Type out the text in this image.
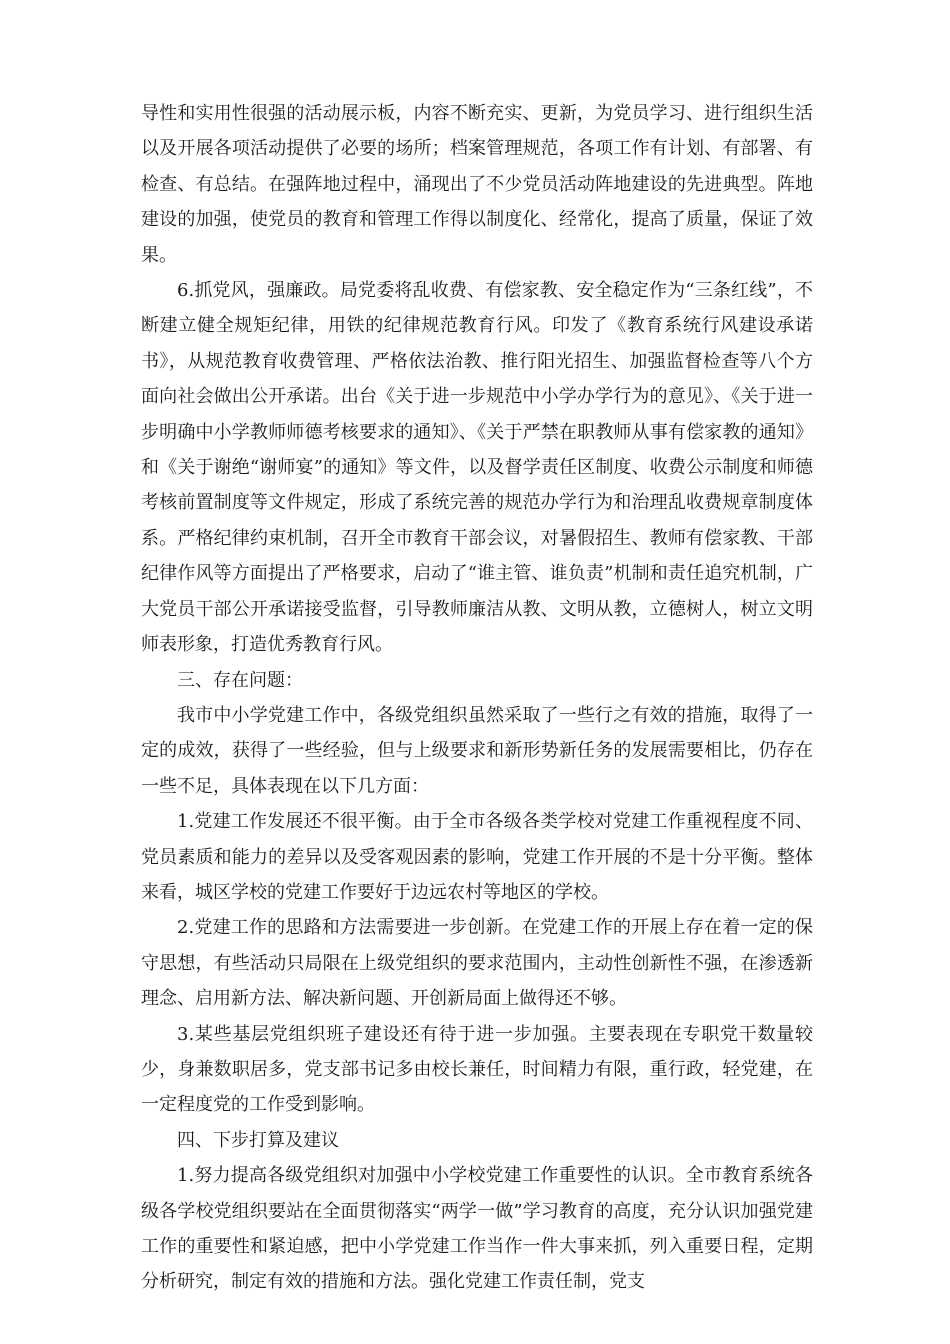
导性和实用性很强的活动展示板，内容不断充实、更新，为党员学习、进行组织生活以及开展各项活动提供了必要的场所；档案管理规范，各项工作有计划、有部署、有检查、有总结。在强阵地过程中，涌现出了不少党员活动阵地建设的先进典型。阵地建设的加强，使党员的教育和管理工作得以制度化、经常化，提高了质量，保证了效果。

6.抓党风，强廉政。局党委将乱收费、有偿家教、安全稳定作为“三条红线”，不断建立健全规矩纪律，用铁的纪律规范教育行风。印发了《教育系统行风建设承诺书》，从规范教育收费管理、严格依法治教、推行阳光招生、加强监督检查等八个方面向社会做出公开承诺。出台《关于进一步规范中小学办学行为的意见》、《关于进一步明确中小学教师师德考核要求的通知》、《关于严禁在职教师从事有偿家教的通知》和《关于谢绝“谢师宴”的通知》等文件，以及督学责任区制度、收费公示制度和师德考核前置制度等文件规定，形成了系统完善的规范办学行为和治理乱收费规章制度体系。严格纪律约束机制，召开全市教育干部会议，对暑假招生、教师有偿家教、干部纪律作风等方面提出了严格要求，启动了“谁主管、谁负责”机制和责任追究机制，广大党员干部公开承诺接受监督，引导教师廉洁从教、文明从教，立德树人，树立文明师表形象，打造优秀教育行风。

三、存在问题：

我市中小学党建工作中，各级党组织虽然采取了一些行之有效的措施，取得了一定的成效，获得了一些经验，但与上级要求和新形势新任务的发展需要相比，仍存在一些不足，具体表现在以下几方面：

1.党建工作发展还不很平衡。由于全市各级各类学校对党建工作重视程度不同、党员素质和能力的差异以及受客观因素的影响，党建工作开展的不是十分平衡。整体来看，城区学校的党建工作要好于边远农村等地区的学校。

2.党建工作的思路和方法需要进一步创新。在党建工作的开展上存在着一定的保守思想，有些活动只局限在上级党组织的要求范围内，主动性创新性不强，在渗透新理念、启用新方法、解决新问题、开创新局面上做得还不够。

3.某些基层党组织班子建设还有待于进一步加强。主要表现在专职党干数量较少，身兼数职居多，党支部书记多由校长兼任，时间精力有限，重行政，轻党建，在一定程度党的工作受到影响。

四、下步打算及建议

1.努力提高各级党组织对加强中小学校党建工作重要性的认识。全市教育系统各级各学校党组织要站在全面贯彻落实“两学一做”学习教育的高度，充分认识加强党建工作的重要性和紧迫感，把中小学党建工作当作一件大事来抓，列入重要日程，定期分析研究，制定有效的措施和方法。强化党建工作责任制，党支
